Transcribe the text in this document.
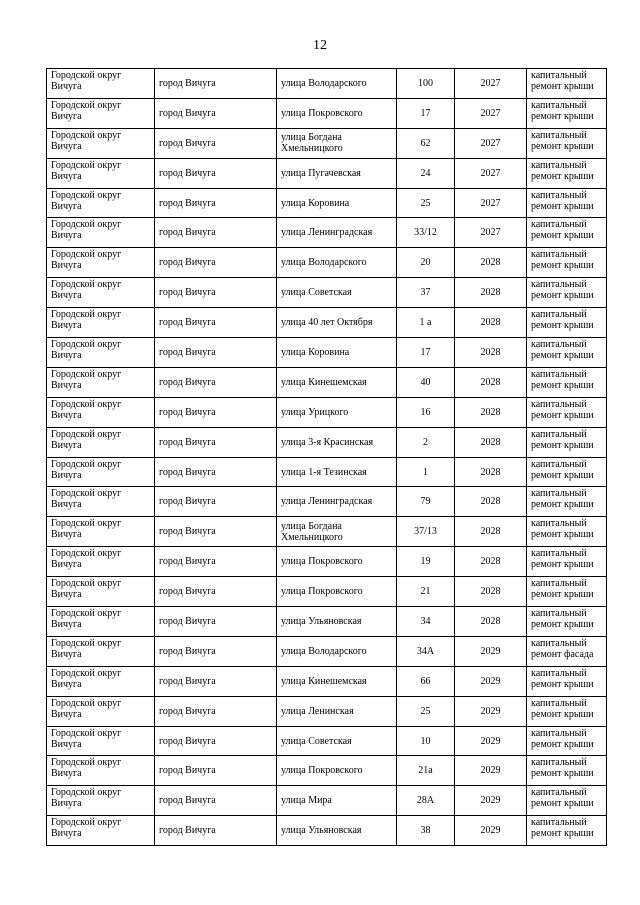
12
Городской округ Вичуга	город Вичуга	улица Володарского	100	2027	капитальный ремонт крыши
Городской округ Вичуга	город Вичуга	улица Покровского	17	2027	капитальный ремонт крыши
Городской округ Вичуга	город Вичуга	улица Богдана Хмельницкого	62	2027	капитальный ремонт крыши
Городской округ Вичуга	город Вичуга	улица Пугачевская	24	2027	капитальный ремонт крыши
Городской округ Вичуга	город Вичуга	улица Коровина	25	2027	капитальный ремонт крыши
Городской округ Вичуга	город Вичуга	улица Ленинградская	33/12	2027	капитальный ремонт крыши
Городской округ Вичуга	город Вичуга	улица Володарского	20	2028	капитальный ремонт крыши
Городской округ Вичуга	город Вичуга	улица Советская	37	2028	капитальный ремонт крыши
Городской округ Вичуга	город Вичуга	улица 40 лет Октября	1 а	2028	капитальный ремонт крыши
Городской округ Вичуга	город Вичуга	улица Коровина	17	2028	капитальный ремонт крыши
Городской округ Вичуга	город Вичуга	улица Кинешемская	40	2028	капитальный ремонт крыши
Городской округ Вичуга	город Вичуга	улица Урицкого	16	2028	капитальный ремонт крыши
Городской округ Вичуга	город Вичуга	улица 3-я Красинская	2	2028	капитальный ремонт крыши
Городской округ Вичуга	город Вичуга	улица 1-я Тезинская	1	2028	капитальный ремонт крыши
Городской округ Вичуга	город Вичуга	улица Ленинградская	79	2028	капитальный ремонт крыши
Городской округ Вичуга	город Вичуга	улица Богдана Хмельницкого	37/13	2028	капитальный ремонт крыши
Городской округ Вичуга	город Вичуга	улица Покровского	19	2028	капитальный ремонт крыши
Городской округ Вичуга	город Вичуга	улица Покровского	21	2028	капитальный ремонт крыши
Городской округ Вичуга	город Вичуга	улица Ульяновская	34	2028	капитальный ремонт крыши
Городской округ Вичуга	город Вичуга	улица Володарского	34А	2029	капитальный ремонт фасада
Городской округ Вичуга	город Вичуга	улица Кинешемская	66	2029	капитальный ремонт крыши
Городской округ Вичуга	город Вичуга	улица Ленинская	25	2029	капитальный ремонт крыши
Городской округ Вичуга	город Вичуга	улица Советская	10	2029	капитальный ремонт крыши
Городской округ Вичуга	город Вичуга	улица Покровского	21а	2029	капитальный ремонт крыши
Городской округ Вичуга	город Вичуга	улица Мира	28А	2029	капитальный ремонт крыши
Городской округ Вичуга	город Вичуга	улица Ульяновская	38	2029	капитальный ремонт крыши
